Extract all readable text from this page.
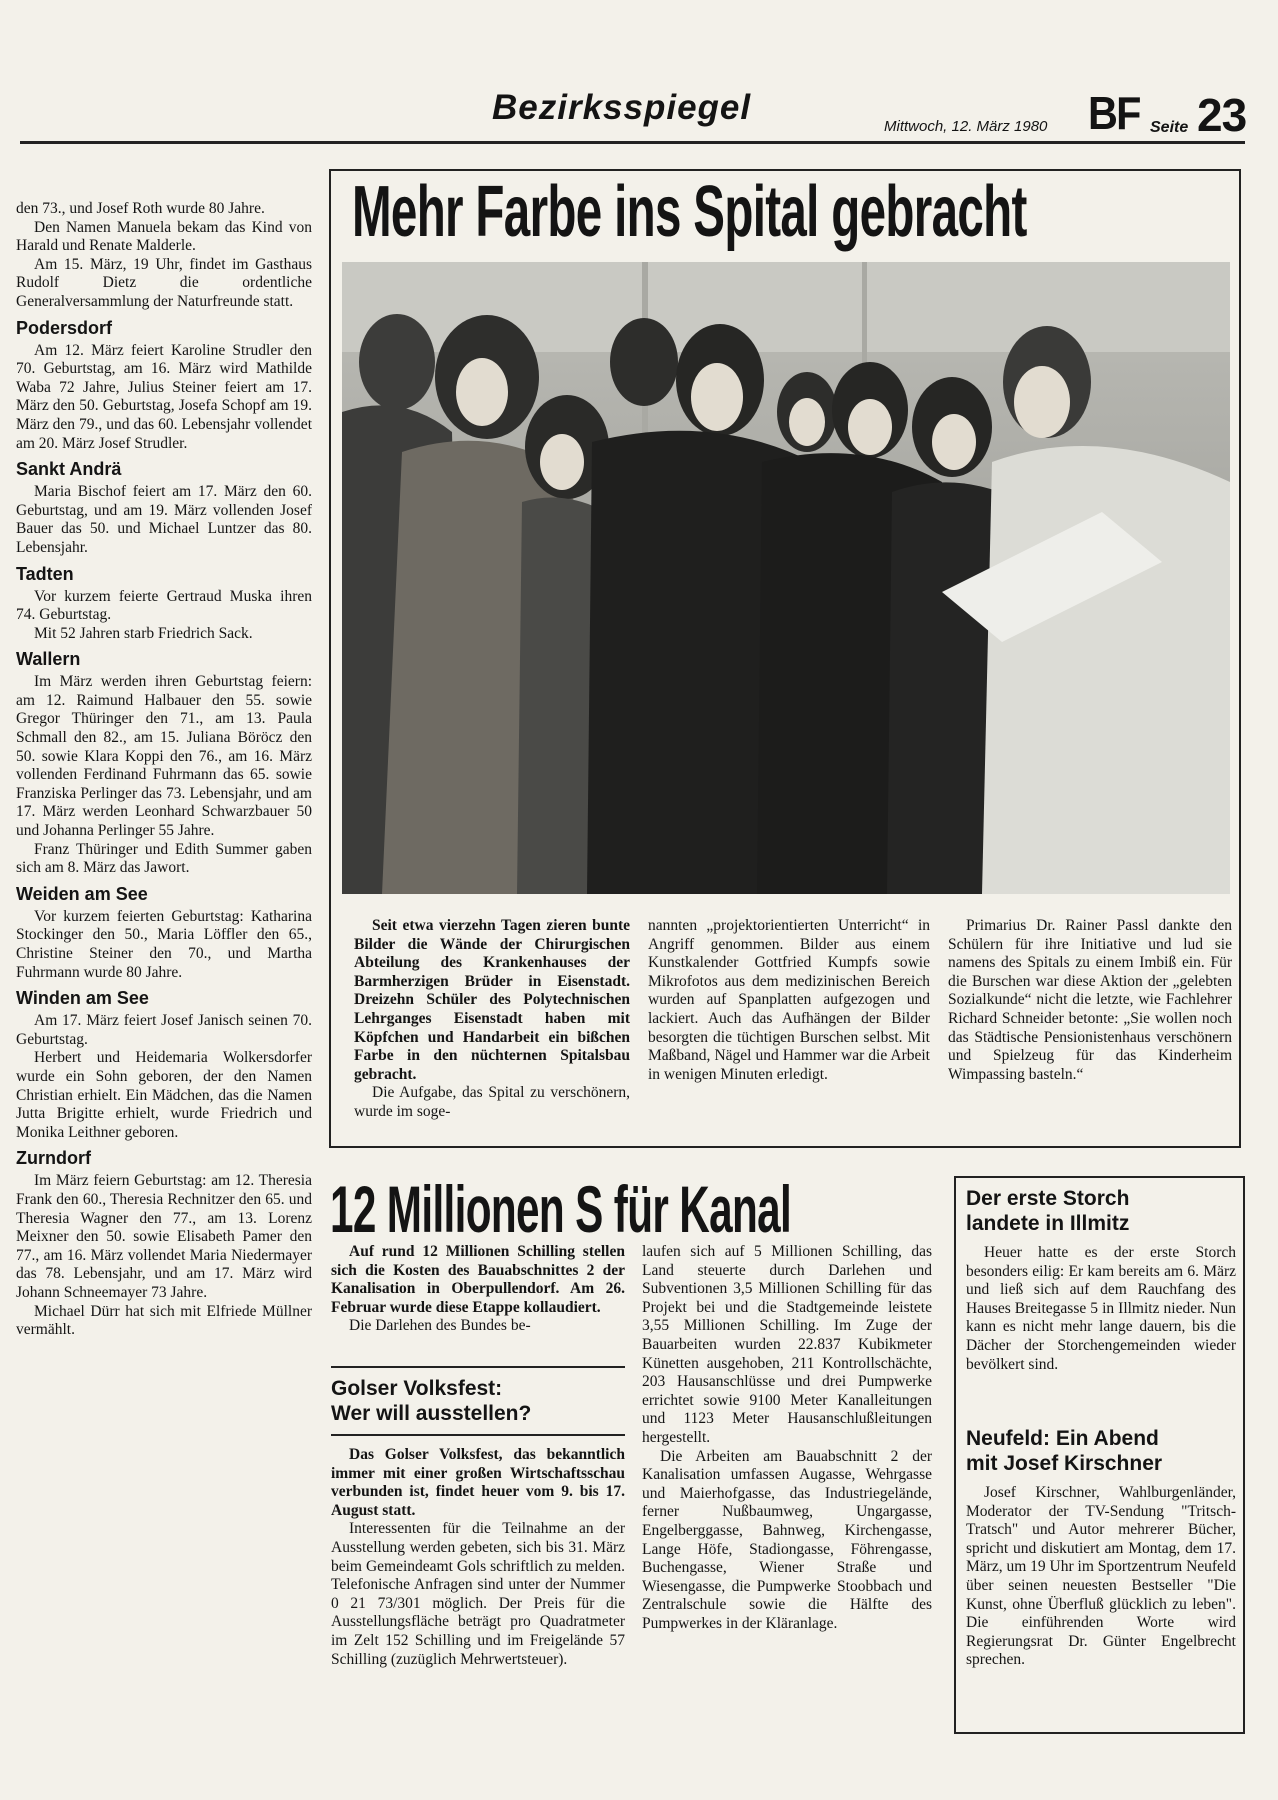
Bezirksspiegel	Mittwoch, 12. März 1980 BF Seite 23

den 73., und Josef Roth wurde 80 Jahre.

Den Namen Manuela bekam das Kind von Harald und Renate Malderle.

Am 15. März, 19 Uhr, findet im Gasthaus Rudolf Dietz die ordentliche Generalversammlung der Naturfreunde statt.

Podersdorf

Am 12. März feiert Karoline Strudler den 70. Geburtstag, am 16. März wird Mathilde Waba 72 Jahre, Julius Steiner feiert am 17. März den 50. Geburtstag, Josefa Schopf am 19. März den 79., und das 60. Lebensjahr vollendet am 20. März Josef Strudler.

Sankt Andrä

Maria Bischof feiert am 17. März den 60. Geburtstag, und am 19. März vollenden Josef Bauer das 50. und Michael Luntzer das 80. Lebensjahr.

Tadten

Vor kurzem feierte Gertraud Muska ihren 74. Geburtstag.

Mit 52 Jahren starb Friedrich Sack.

Wallern

Im März werden ihren Geburtstag feiern: am 12. Raimund Halbauer den 55. sowie Gregor Thüringer den 71., am 13. Paula Schmall den 82., am 15. Juliana Böröcz den 50. sowie Klara Koppi den 76., am 16. März vollenden Ferdinand Fuhrmann das 65. sowie Franziska Perlinger das 73. Lebensjahr, und am 17. März werden Leonhard Schwarzbauer 50 und Johanna Perlinger 55 Jahre.

Franz Thüringer und Edith Summer gaben sich am 8. März das Jawort.

Weiden am See

Vor kurzem feierten Geburtstag: Katharina Stockinger den 50., Maria Löffler den 65., Christine Steiner den 70., und Martha Fuhrmann wurde 80 Jahre.

Winden am See

Am 17. März feiert Josef Janisch seinen 70. Geburtstag.

Herbert und Heidemaria Wolkersdorfer wurde ein Sohn geboren, der den Namen Christian erhielt. Ein Mädchen, das die Namen Jutta Brigitte erhielt, wurde Friedrich und Monika Leithner geboren.

Zurndorf

Im März feiern Geburtstag: am 12. Theresia Frank den 60., Theresia Rechnitzer den 65. und Theresia Wagner den 77., am 13. Lorenz Meixner den 50. sowie Elisabeth Pamer den 77., am 16. März vollendet Maria Niedermayer das 78. Lebensjahr, und am 17. März wird Johann Schneemayer 73 Jahre.

Michael Dürr hat sich mit Elfriede Müllner vermählt.

Mehr Farbe ins Spital gebracht

Seit etwa vierzehn Tagen zieren bunte Bilder die Wände der Chirurgischen Abteilung des Krankenhauses der Barmherzigen Brüder in Eisenstadt. Dreizehn Schüler des Polytechnischen Lehrganges Eisenstadt haben mit Köpfchen und Handarbeit ein bißchen Farbe in den nüchternen Spitalsbau gebracht.

Die Aufgabe, das Spital zu verschönern, wurde im soge-

nannten „projektorientierten Unterricht“ in Angriff genommen. Bilder aus einem Kunstkalender Gottfried Kumpfs sowie Mikrofotos aus dem medizinischen Bereich wurden auf Spanplatten aufgezogen und lackiert. Auch das Aufhängen der Bilder besorgten die tüchtigen Burschen selbst. Mit Maßband, Nägel und Hammer war die Arbeit in wenigen Minuten erledigt.

Primarius Dr. Rainer Passl dankte den Schülern für ihre Initiative und lud sie namens des Spitals zu einem Imbiß ein. Für die Burschen war diese Aktion der „gelebten Sozialkunde“ nicht die letzte, wie Fachlehrer Richard Schneider betonte: „Sie wollen noch das Städtische Pensionistenhaus verschönern und Spielzeug für das Kinderheim Wimpassing basteln.“

12 Millionen S für Kanal

Auf rund 12 Millionen Schilling stellen sich die Kosten des Bauabschnittes 2 der Kanalisation in Oberpullendorf. Am 26. Februar wurde diese Etappe kollaudiert.

Die Darlehen des Bundes be-

laufen sich auf 5 Millionen Schilling, das Land steuerte durch Darlehen und Subventionen 3,5 Millionen Schilling für das Projekt bei und die Stadtgemeinde leistete 3,55 Millionen Schilling. Im Zuge der Bauarbeiten wurden 22.837 Kubikmeter Künetten ausgehoben, 211 Kontrollschächte, 203 Hausanschlüsse und drei Pumpwerke errichtet sowie 9100 Meter Kanalleitungen und 1123 Meter Hausanschlußleitungen hergestellt.

Die Arbeiten am Bauabschnitt 2 der Kanalisation umfassen Augasse, Wehrgasse und Maierhofgasse, das Industriegelände, ferner Nußbaumweg, Ungargasse, Engelberggasse, Bahnweg, Kirchengasse, Lange Höfe, Stadiongasse, Föhrengasse, Buchengasse, Wiener Straße und Wiesengasse, die Pumpwerke Stoobbach und Zentralschule sowie die Hälfte des Pumpwerkes in der Kläranlage.

Golser Volksfest:
Wer will ausstellen?

Das Golser Volksfest, das bekanntlich immer mit einer großen Wirtschaftsschau verbunden ist, findet heuer vom 9. bis 17. August statt.

Interessenten für die Teilnahme an der Ausstellung werden gebeten, sich bis 31. März beim Gemeindeamt Gols schriftlich zu melden. Telefonische Anfragen sind unter der Nummer 0 21 73/301 möglich. Der Preis für die Ausstellungsfläche beträgt pro Quadratmeter im Zelt 152 Schilling und im Freigelände 57 Schilling (zuzüglich Mehrwertsteuer).

Der erste Storch
landete in Illmitz

Heuer hatte es der erste Storch besonders eilig: Er kam bereits am 6. März und ließ sich auf dem Rauchfang des Hauses Breitegasse 5 in Illmitz nieder. Nun kann es nicht mehr lange dauern, bis die Dächer der Storchengemeinden wieder bevölkert sind.

Neufeld: Ein Abend
mit Josef Kirschner

Josef Kirschner, Wahlburgenländer, Moderator der TV-Sendung "Tritsch-Tratsch" und Autor mehrerer Bücher, spricht und diskutiert am Montag, dem 17. März, um 19 Uhr im Sportzentrum Neufeld über seinen neuesten Bestseller "Die Kunst, ohne Überfluß glücklich zu leben". Die einführenden Worte wird Regierungsrat Dr. Günter Engelbrecht sprechen.
